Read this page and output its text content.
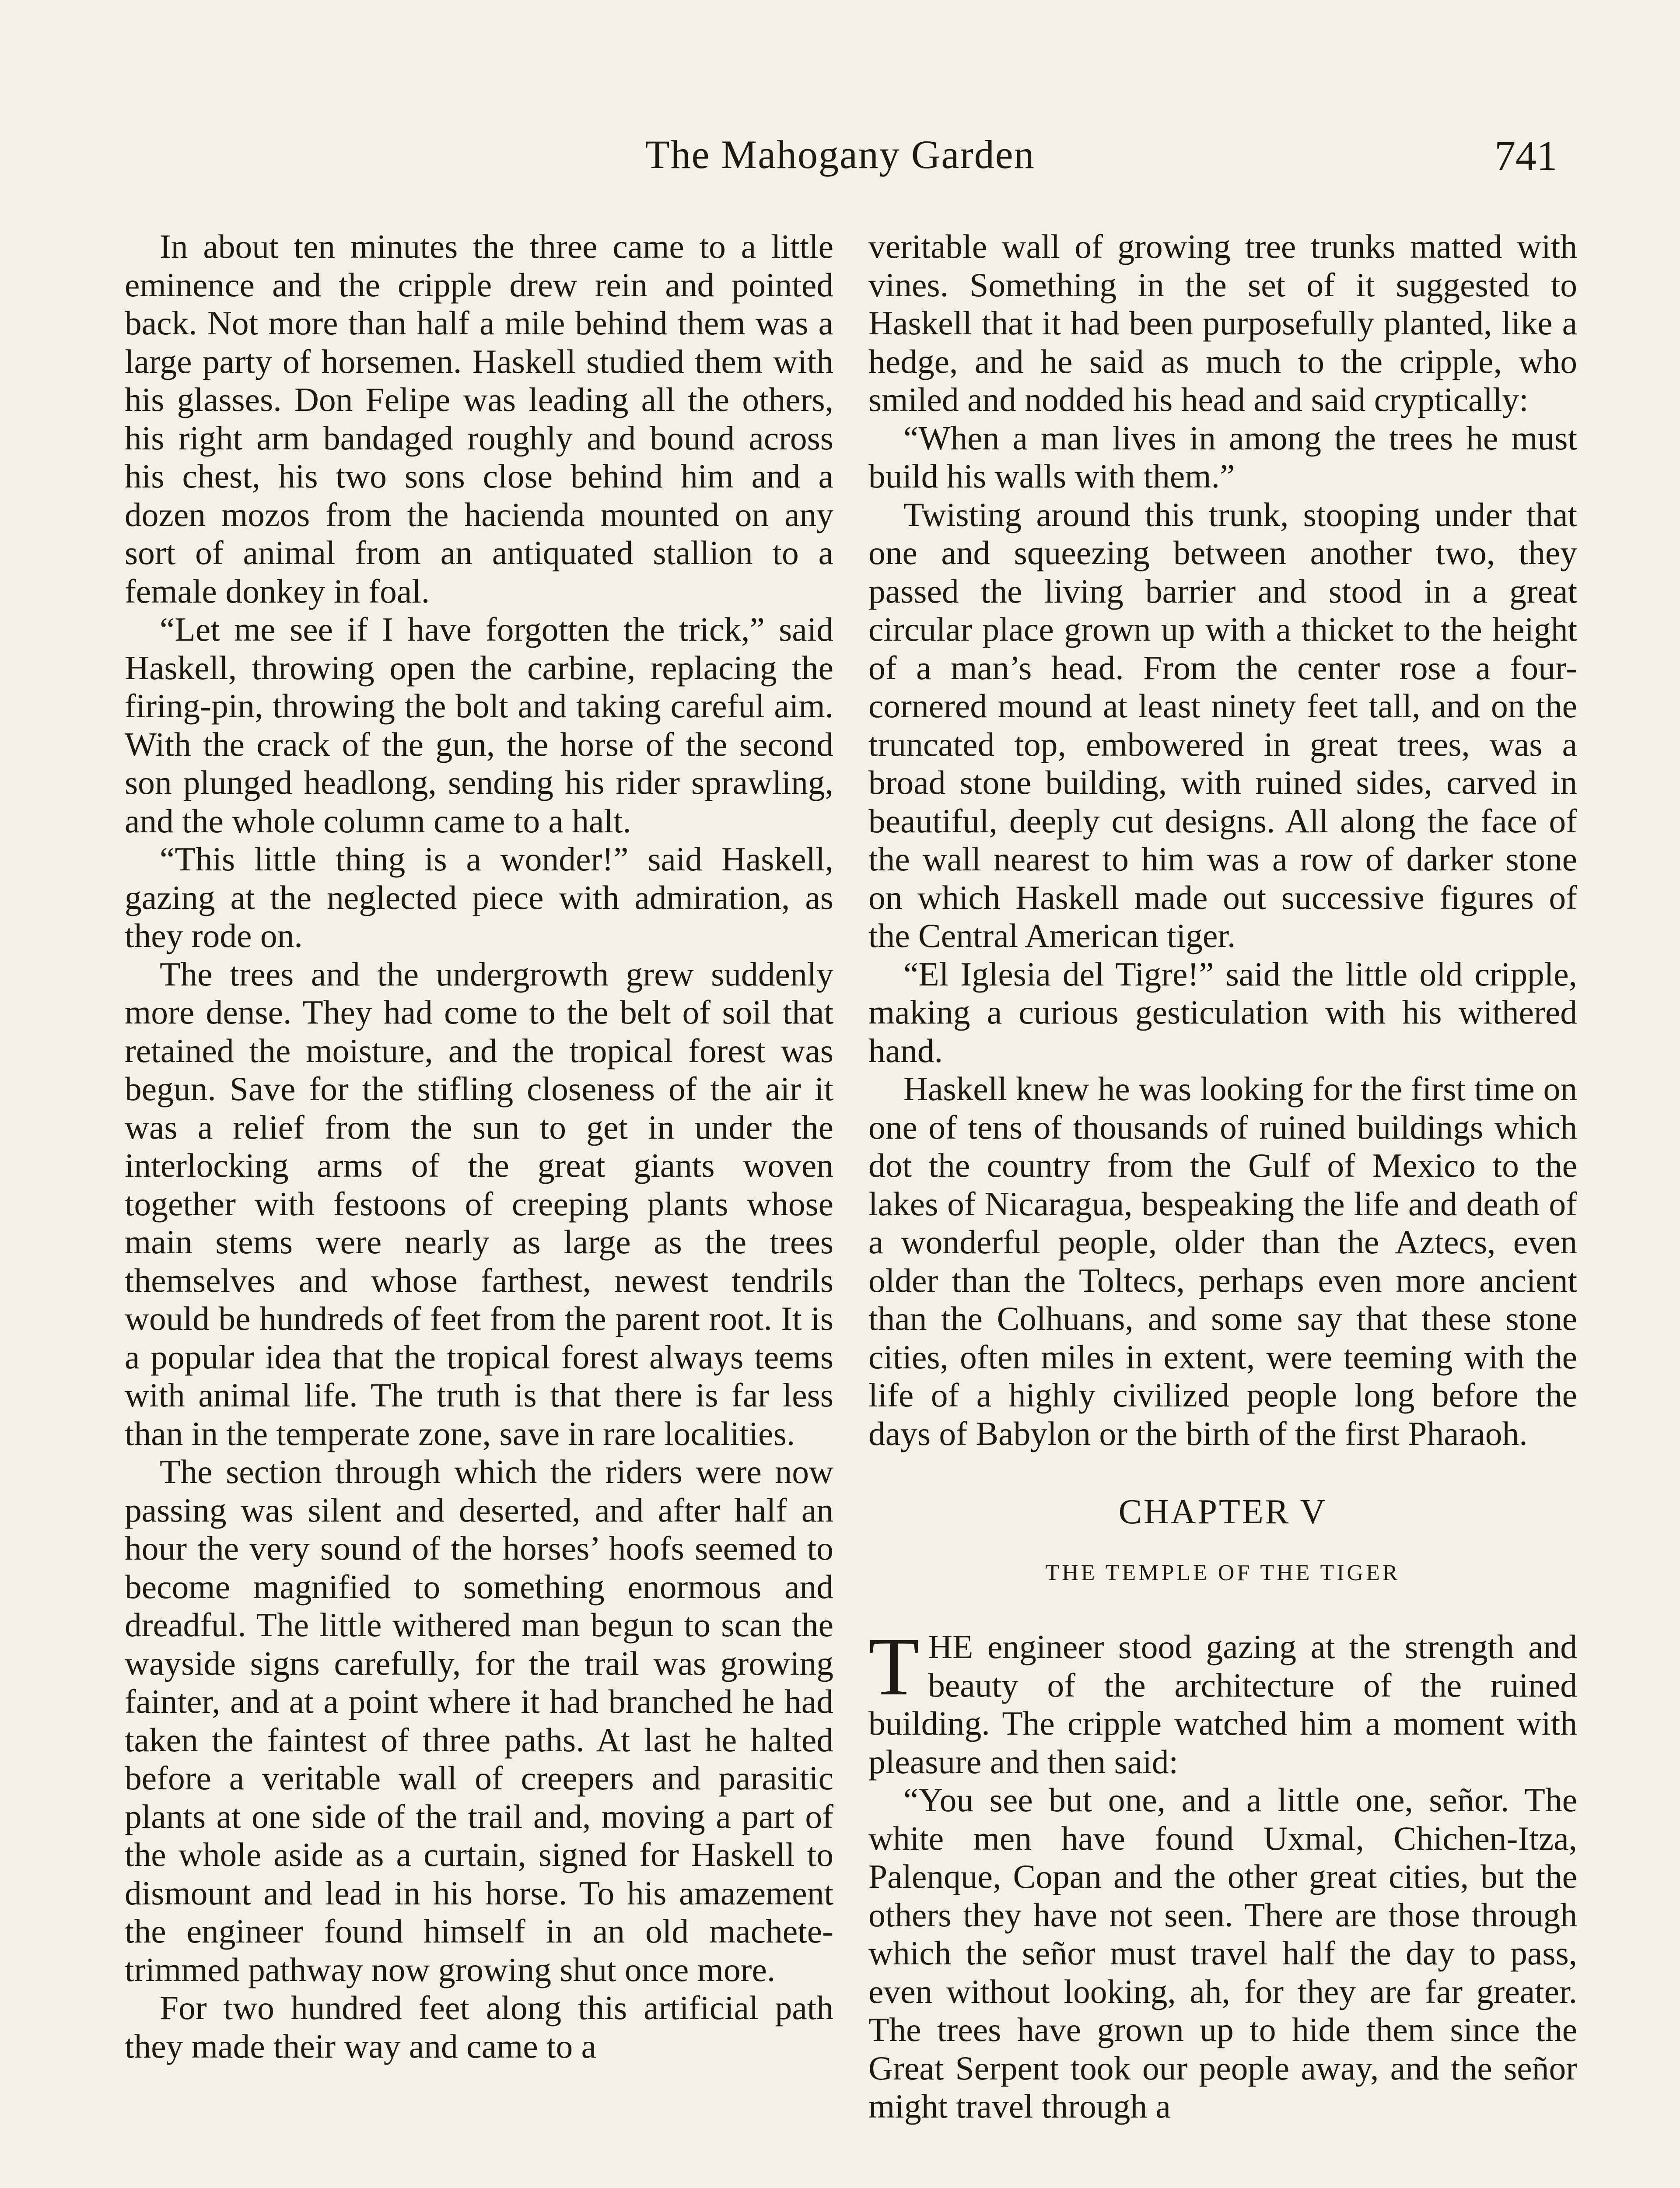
The Mahogany Garden	741

In about ten minutes the three came to a little eminence and the cripple drew rein and pointed back. Not more than half a mile behind them was a large party of horsemen. Haskell studied them with his glasses. Don Felipe was leading all the others, his right arm bandaged roughly and bound across his chest, his two sons close behind him and a dozen mozos from the hacienda mounted on any sort of animal from an antiquated stallion to a female donkey in foal.

“Let me see if I have forgotten the trick,” said Haskell, throwing open the carbine, replacing the firing-pin, throwing the bolt and taking careful aim. With the crack of the gun, the horse of the second son plunged headlong, sending his rider sprawling, and the whole column came to a halt.

“This little thing is a wonder!” said Haskell, gazing at the neglected piece with admiration, as they rode on.

The trees and the undergrowth grew suddenly more dense. They had come to the belt of soil that retained the moisture, and the tropical forest was begun. Save for the stifling closeness of the air it was a relief from the sun to get in under the interlocking arms of the great giants woven together with festoons of creeping plants whose main stems were nearly as large as the trees themselves and whose farthest, newest tendrils would be hundreds of feet from the parent root. It is a popular idea that the tropical forest always teems with animal life. The truth is that there is far less than in the temperate zone, save in rare localities.

The section through which the riders were now passing was silent and deserted, and after half an hour the very sound of the horses’ hoofs seemed to become magnified to something enormous and dreadful. The little withered man begun to scan the wayside signs carefully, for the trail was growing fainter, and at a point where it had branched he had taken the faintest of three paths. At last he halted before a veritable wall of creepers and parasitic plants at one side of the trail and, moving a part of the whole aside as a curtain, signed for Haskell to dismount and lead in his horse. To his amazement the engineer found himself in an old machete-trimmed pathway now growing shut once more.

For two hundred feet along this artificial path they made their way and came to a

veritable wall of growing tree trunks matted with vines. Something in the set of it suggested to Haskell that it had been purposefully planted, like a hedge, and he said as much to the cripple, who smiled and nodded his head and said cryptically:

“When a man lives in among the trees he must build his walls with them.”

Twisting around this trunk, stooping under that one and squeezing between another two, they passed the living barrier and stood in a great circular place grown up with a thicket to the height of a man’s head. From the center rose a four-cornered mound at least ninety feet tall, and on the truncated top, embowered in great trees, was a broad stone building, with ruined sides, carved in beautiful, deeply cut designs. All along the face of the wall nearest to him was a row of darker stone on which Haskell made out successive figures of the Central American tiger.

“El Iglesia del Tigre!” said the little old cripple, making a curious gesticulation with his withered hand.

Haskell knew he was looking for the first time on one of tens of thousands of ruined buildings which dot the country from the Gulf of Mexico to the lakes of Nicaragua, bespeaking the life and death of a wonderful people, older than the Aztecs, even older than the Toltecs, perhaps even more ancient than the Colhuans, and some say that these stone cities, often miles in extent, were teeming with the life of a highly civilized people long before the days of Babylon or the birth of the first Pharaoh.

CHAPTER V
THE TEMPLE OF THE TIGER

THE engineer stood gazing at the strength and beauty of the architecture of the ruined building. The cripple watched him a moment with pleasure and then said:

“You see but one, and a little one, señor. The white men have found Uxmal, Chichen-Itza, Palenque, Copan and the other great cities, but the others they have not seen. There are those through which the señor must travel half the day to pass, even without looking, ah, for they are far greater. The trees have grown up to hide them since the Great Serpent took our people away, and the señor might travel through a
